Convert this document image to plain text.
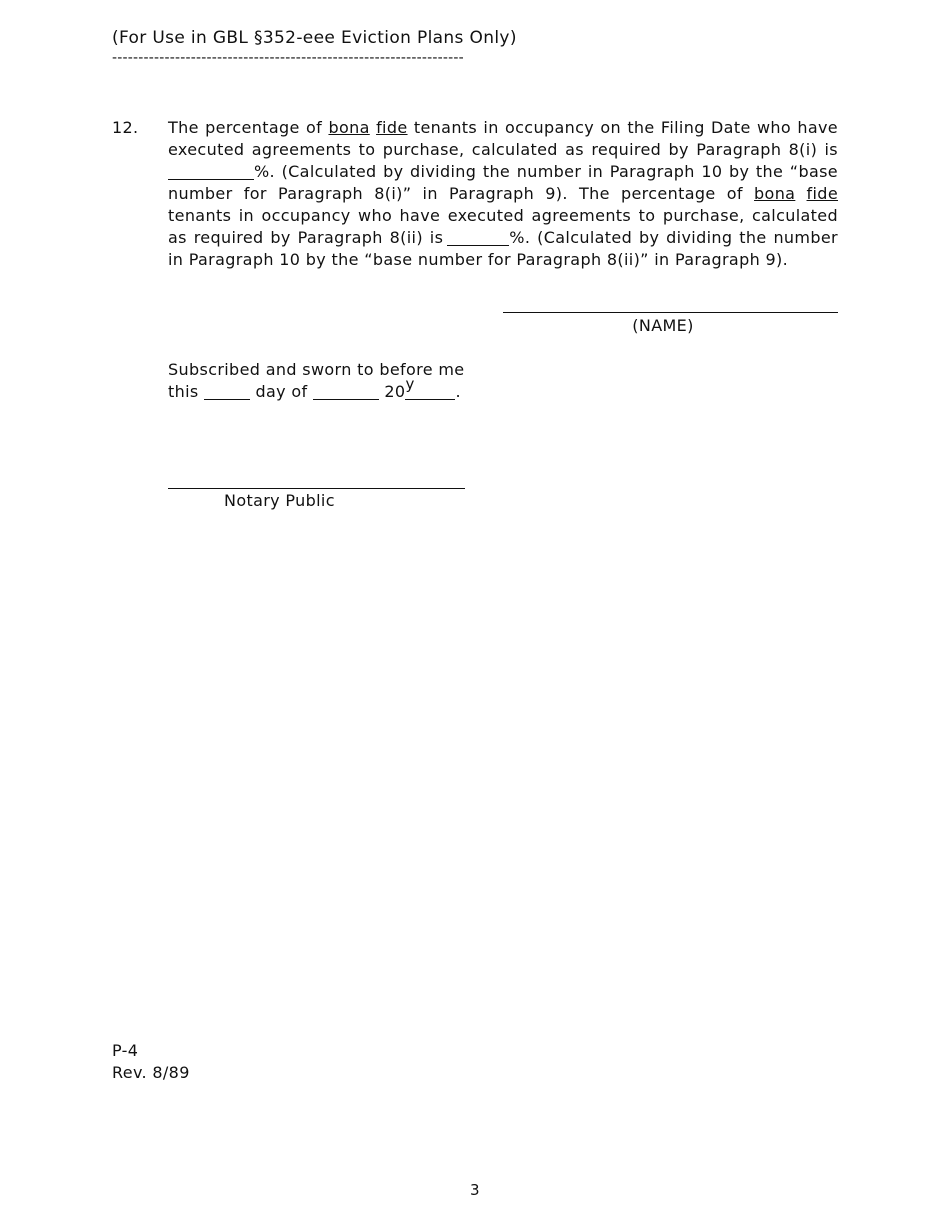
(For Use in GBL §352-eee Eviction Plans Only)
-------------------------------------------------------------------
12. The percentage of bona fide tenants in occupancy on the Filing Date who have executed agreements to purchase, calculated as required by Paragraph 8(i) is%. (Calculated by dividing the number in Paragraph 10 by the “base number for Paragraph 8(i)” in Paragraph 9). The percentage of bona fide tenants in occupancy who have executed agreements to purchase, calculated as required by Paragraph 8(ii) is	%. (Calculated by dividing the number in Paragraph 10 by the “base number for Paragraph 8(ii)” in Paragraph 9).
(NAME)
Subscribed and sworn to before me
this	day of	20 y	.
Notary Public
P-4
Rev. 8/89
3
